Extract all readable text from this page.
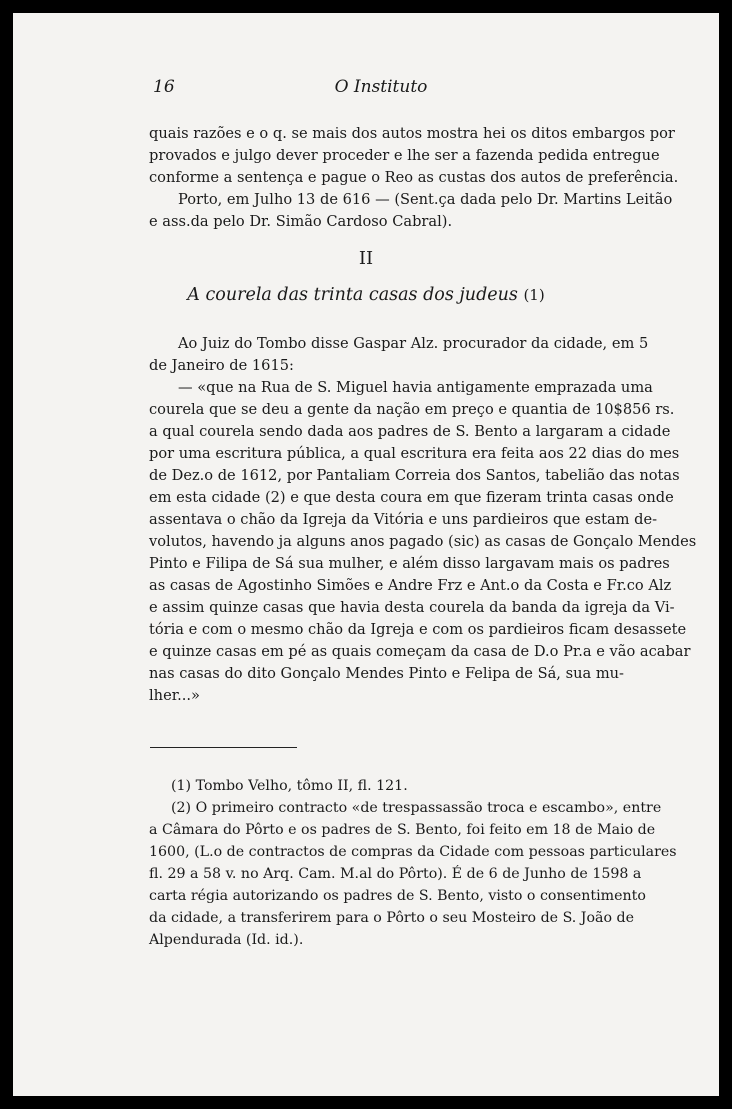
16	O Instituto
quais razões e o q. se mais dos autos mostra hei os ditos embargos por
provados e julgo dever proceder e lhe ser a fazenda pedida entregue
conforme a sentença e pague o Reo as custas dos autos de preferência.
Porto, em Julho 13 de 616 — (Sent.ça dada pelo Dr. Martins Leitão
e ass.da pelo Dr. Simão Cardoso Cabral).
II
A courela das trinta casas dos judeus (1)
Ao Juiz do Tombo disse Gaspar Alz. procurador da cidade, em 5
de Janeiro de 1615:
— «que na Rua de S. Miguel havia antigamente emprazada uma
courela que se deu a gente da nação em preço e quantia de 10$856 rs.
a qual courela sendo dada aos padres de S. Bento a largaram a cidade
por uma escritura pública, a qual escritura era feita aos 22 dias do mes
de Dez.o de 1612, por Pantaliam Correia dos Santos, tabelião das notas
em esta cidade (2) e que desta coura em que fizeram trinta casas onde
assentava o chão da Igreja da Vitória e uns pardieiros que estam de-
volutos, havendo ja alguns anos pagado (sic) as casas de Gonçalo Mendes
Pinto e Filipa de Sá sua mulher, e além disso largavam mais os padres
as casas de Agostinho Simões e Andre Frz e Ant.o da Costa e Fr.co Alz
e assim quinze casas que havia desta courela da banda da igreja da Vi-
tória e com o mesmo chão da Igreja e com os pardieiros ficam desassete
e quinze casas em pé as quais começam da casa de D.o Pr.a e vão acabar
nas casas do dito Gonçalo Mendes Pinto e Felipa de Sá, sua mu-
lher...»
(1) Tombo Velho, tômo II, fl. 121.
(2) O primeiro contracto «de trespassassão troca e escambo», entre
a Câmara do Pôrto e os padres de S. Bento, foi feito em 18 de Maio de
1600, (L.o de contractos de compras da Cidade com pessoas particulares
fl. 29 a 58 v. no Arq. Cam. M.al do Pôrto). É de 6 de Junho de 1598 a
carta régia autorizando os padres de S. Bento, visto o consentimento
da cidade, a transferirem para o Pôrto o seu Mosteiro de S. João de
Alpendurada (Id. id.).
